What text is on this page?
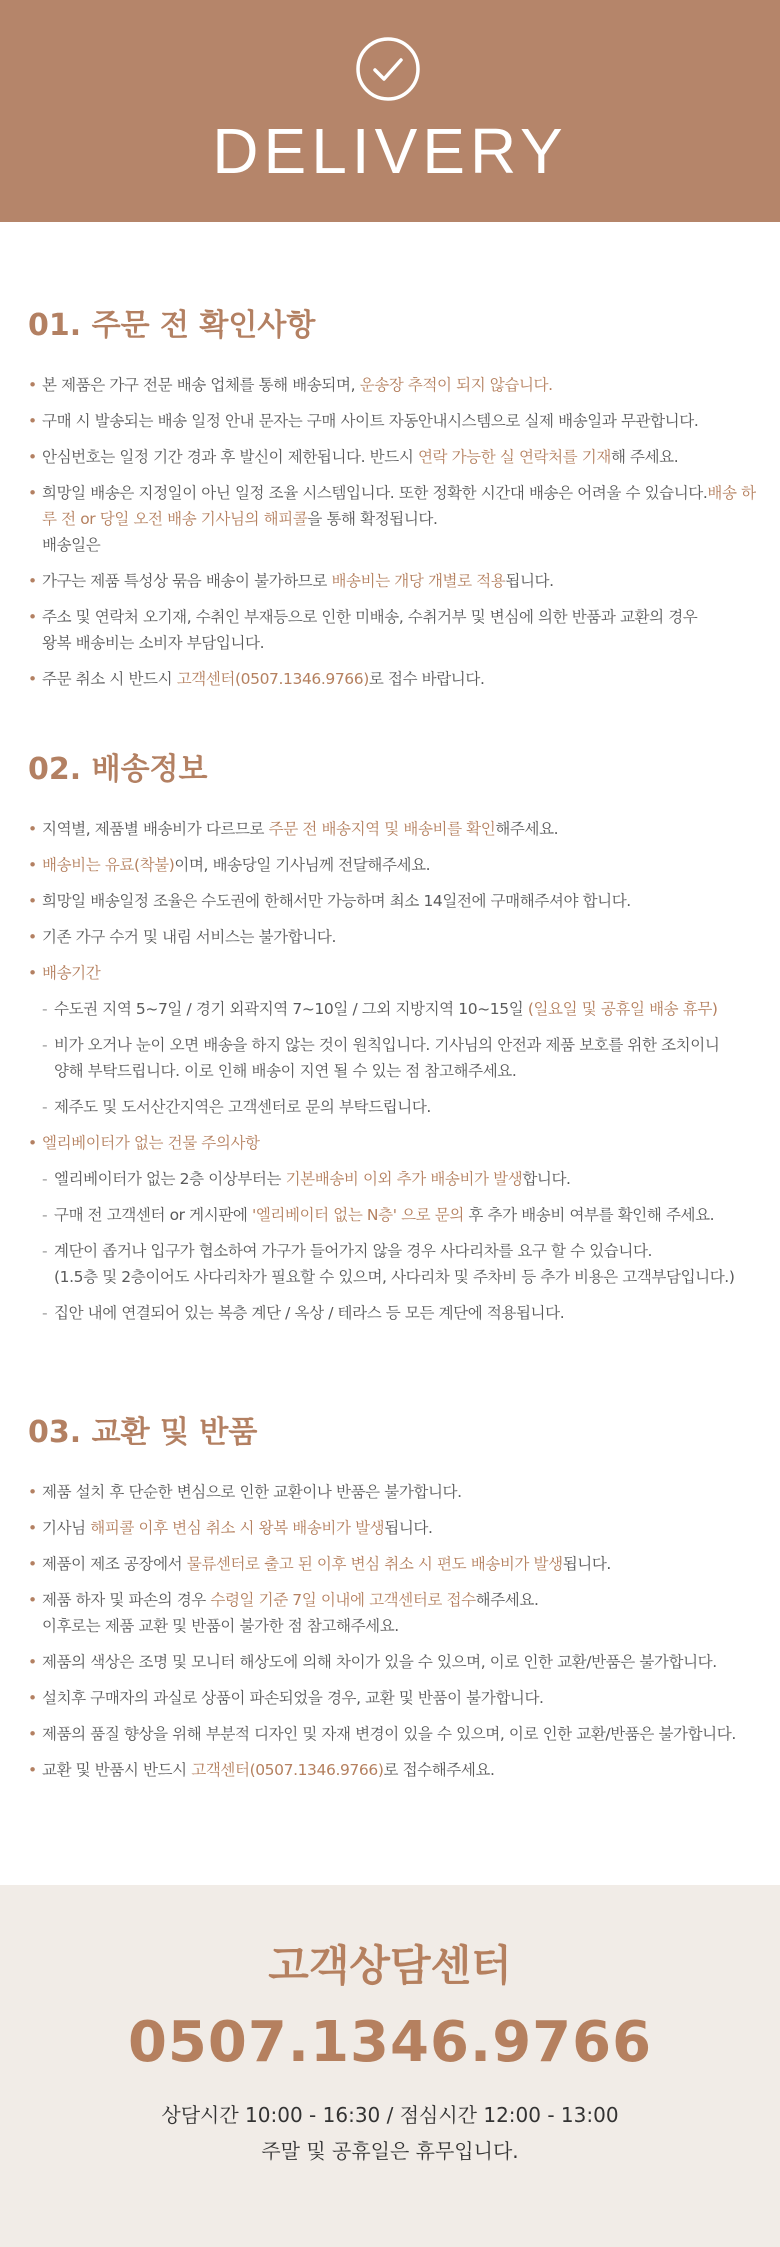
DELIVERY
01. 주문 전 확인사항
• 본 제품은 가구 전문 배송 업체를 통해 배송되며, 운송장 추적이 되지 않습니다.
• 구매 시 발송되는 배송 일정 안내 문자는 구매 사이트 자동안내시스템으로 실제 배송일과 무관합니다.
• 안심번호는 일정 기간 경과 후 발신이 제한됩니다. 반드시 연락 가능한 실 연락처를 기재해 주세요.
• 희망일 배송은 지정일이 아닌 일정 조율 시스템입니다. 또한 정확한 시간대 배송은 어려울 수 있습니다.배송 하루 전 or 당일 오전 배송 기사님의 해피콜을 통해 확정됩니다.
배송일은
• 가구는 제품 특성상 묶음 배송이 불가하므로 배송비는 개당 개별로 적용됩니다.
• 주소 및 연락처 오기재, 수취인 부재등으로 인한 미배송, 수취거부 및 변심에 의한 반품과 교환의 경우
왕복 배송비는 소비자 부담입니다.
• 주문 취소 시 반드시 고객센터(0507.1346.9766)로 접수 바랍니다.
02. 배송정보
• 지역별, 제품별 배송비가 다르므로 주문 전 배송지역 및 배송비를 확인해주세요.
• 배송비는 유료(착불)이며, 배송당일 기사님께 전달해주세요.
• 희망일 배송일정 조율은 수도권에 한해서만 가능하며 최소 14일전에 구매해주셔야 합니다.
• 기존 가구 수거 및 내림 서비스는 불가합니다.
• 배송기간
- 수도권 지역 5~7일 / 경기 외곽지역 7~10일 / 그외 지방지역 10~15일 (일요일 및 공휴일 배송 휴무)
- 비가 오거나 눈이 오면 배송을 하지 않는 것이 원칙입니다. 기사님의 안전과 제품 보호를 위한 조치이니
양해 부탁드립니다. 이로 인해 배송이 지연 될 수 있는 점 참고해주세요.
- 제주도 및 도서산간지역은 고객센터로 문의 부탁드립니다.
• 엘리베이터가 없는 건물 주의사항
- 엘리베이터가 없는 2층 이상부터는 기본배송비 이외 추가 배송비가 발생합니다.
- 구매 전 고객센터 or 게시판에 '엘리베이터 없는 N층' 으로 문의 후 추가 배송비 여부를 확인해 주세요.
- 계단이 좁거나 입구가 협소하여 가구가 들어가지 않을 경우 사다리차를 요구 할 수 있습니다.
(1.5층 및 2층이어도 사다리차가 필요할 수 있으며, 사다리차 및 주차비 등 추가 비용은 고객부담입니다.)
- 집안 내에 연결되어 있는 복층 계단 / 옥상 / 테라스 등 모든 계단에 적용됩니다.
03. 교환 및 반품
• 제품 설치 후 단순한 변심으로 인한 교환이나 반품은 불가합니다.
• 기사님 해피콜 이후 변심 취소 시 왕복 배송비가 발생됩니다.
• 제품이 제조 공장에서 물류센터로 출고 된 이후 변심 취소 시 편도 배송비가 발생됩니다.
• 제품 하자 및 파손의 경우 수령일 기준 7일 이내에 고객센터로 접수해주세요.
이후로는 제품 교환 및 반품이 불가한 점 참고해주세요.
• 제품의 색상은 조명 및 모니터 해상도에 의해 차이가 있을 수 있으며, 이로 인한 교환/반품은 불가합니다.
• 설치후 구매자의 과실로 상품이 파손되었을 경우, 교환 및 반품이 불가합니다.
• 제품의 품질 향상을 위해 부분적 디자인 및 자재 변경이 있을 수 있으며, 이로 인한 교환/반품은 불가합니다.
• 교환 및 반품시 반드시 고객센터(0507.1346.9766)로 접수해주세요.
고객상담센터
0507.1346.9766
상담시간 10:00 - 16:30 / 점심시간 12:00 - 13:00
주말 및 공휴일은 휴무입니다.
